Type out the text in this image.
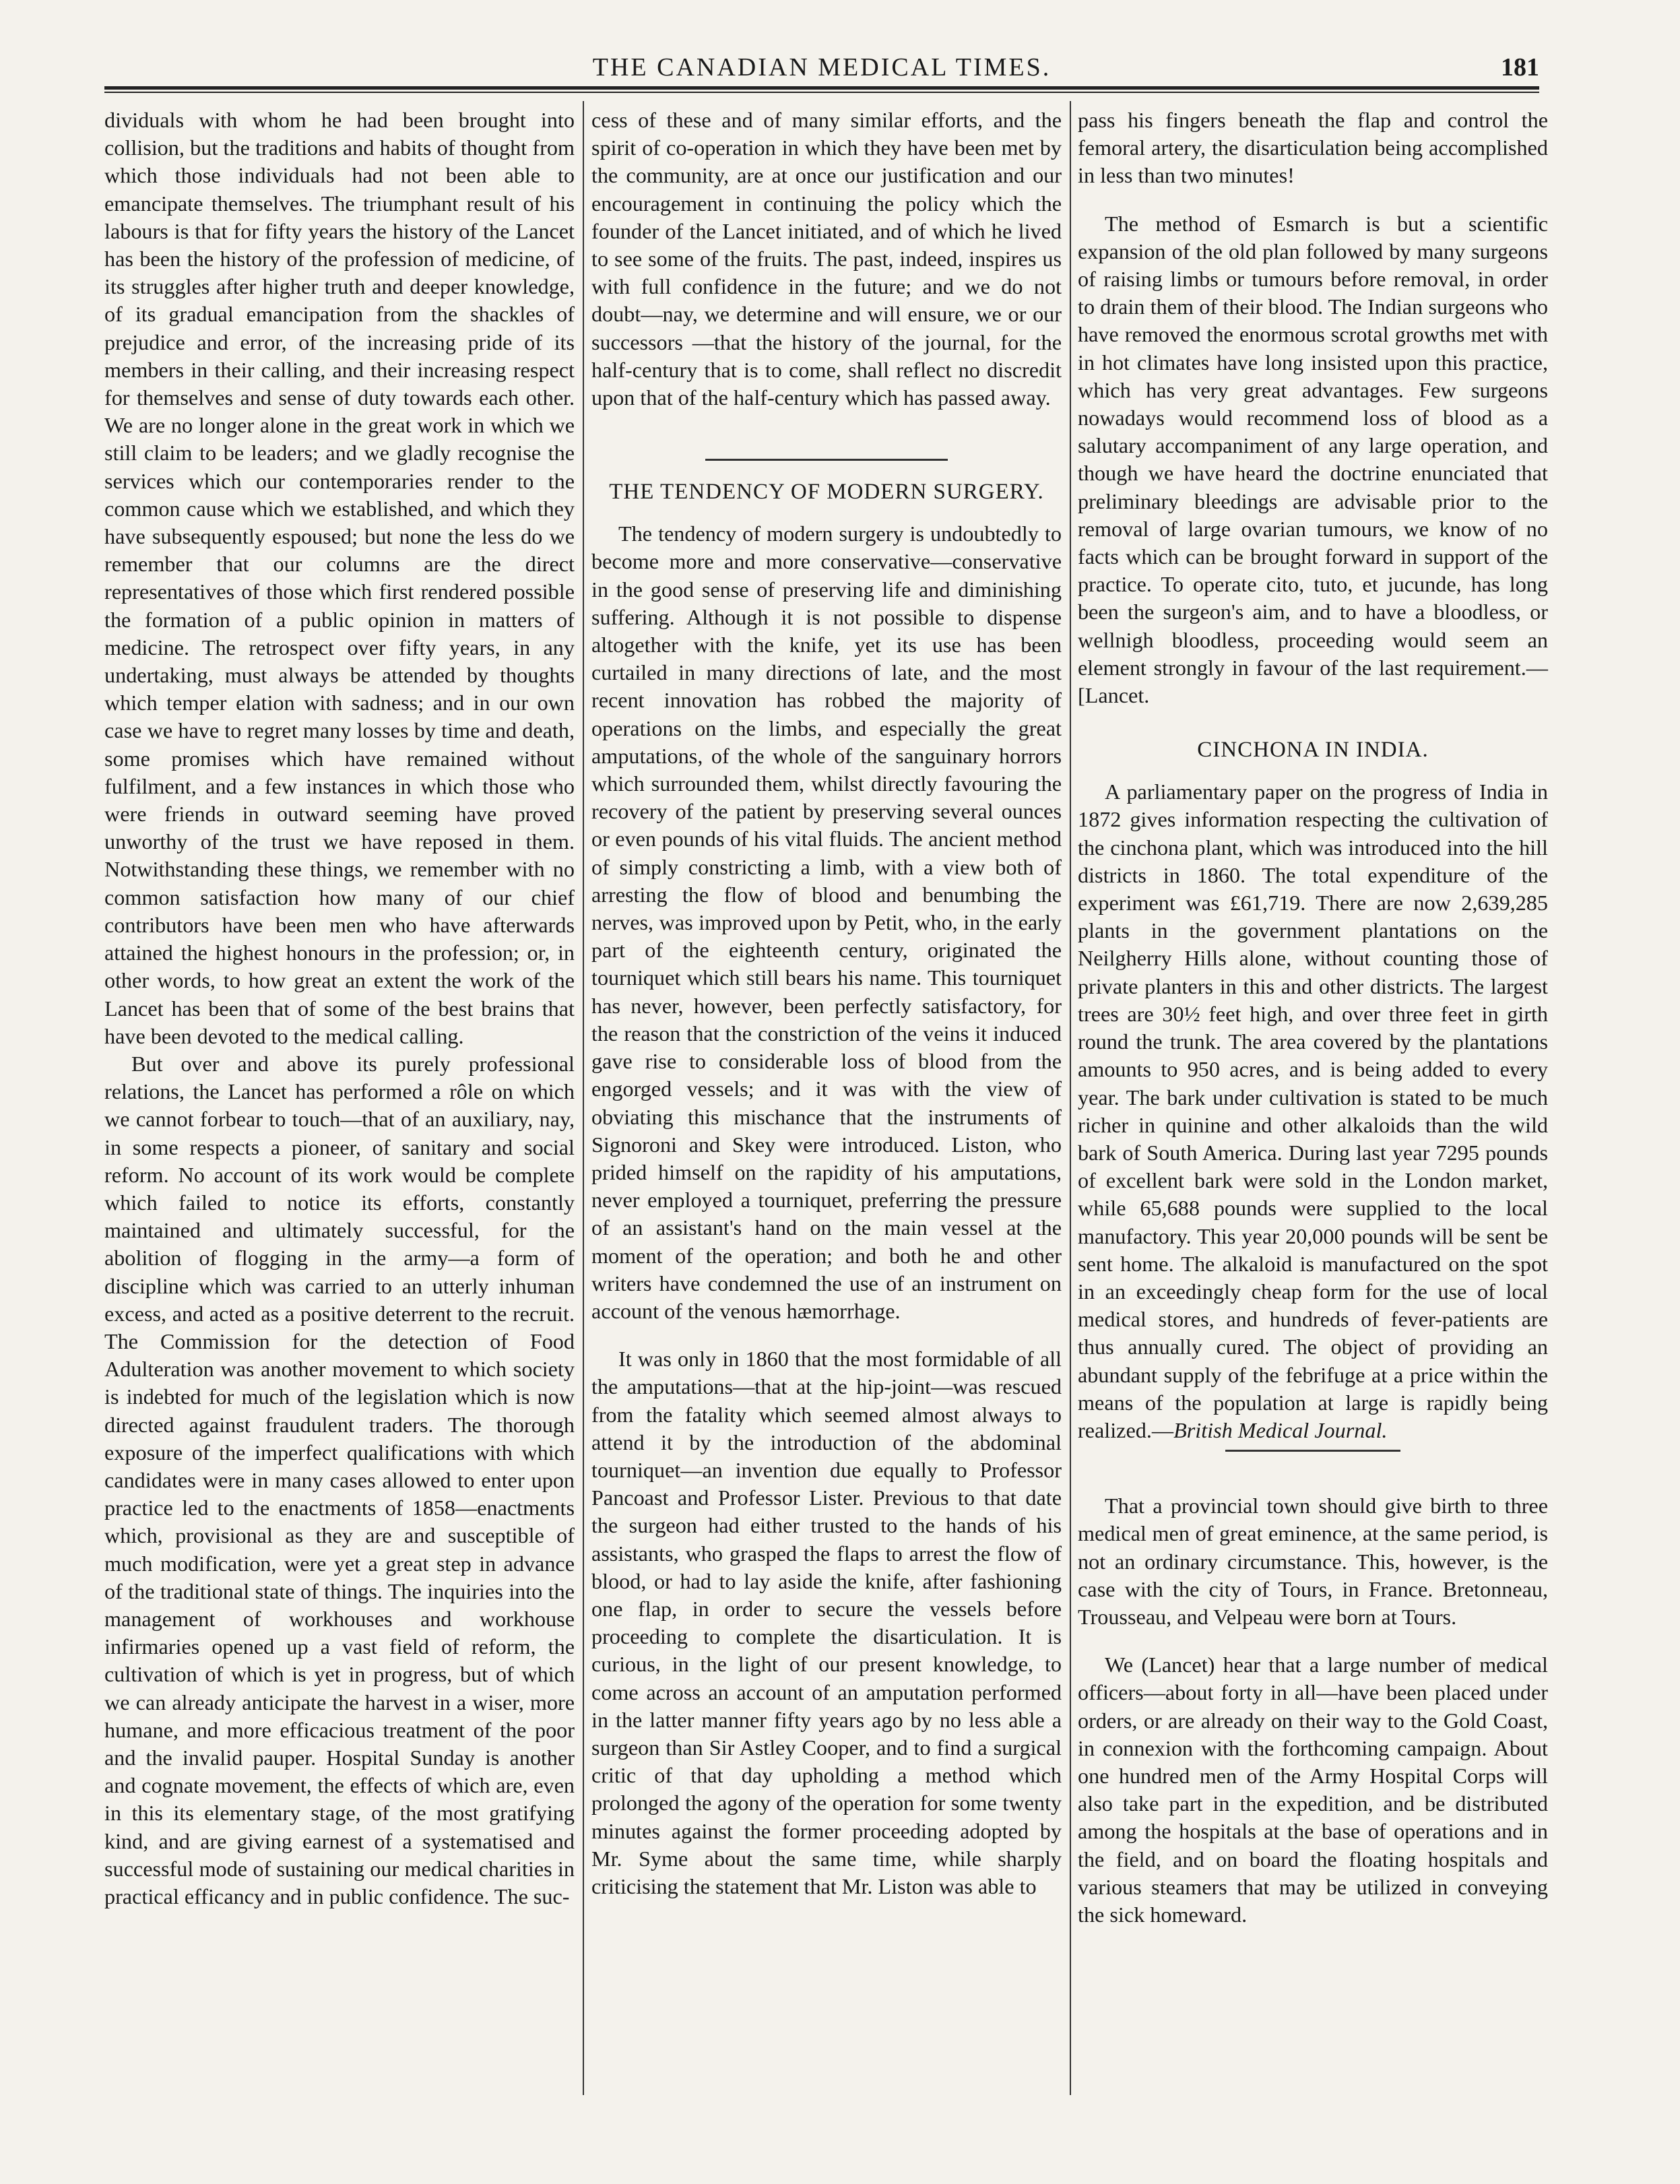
THE CANADIAN MEDICAL TIMES.	181

dividuals with whom he had been brought into collision, but the traditions and habits of thought from which those individuals had not been able to emancipate themselves. The triumphant result of his labours is that for fifty years the history of the Lancet has been the history of the profession of medicine, of its struggles after higher truth and deeper knowledge, of its gradual emancipation from the shackles of prejudice and error, of the increasing pride of its members in their calling, and their increasing respect for themselves and sense of duty towards each other. We are no longer alone in the great work in which we still claim to be leaders; and we gladly recognise the services which our contemporaries render to the common cause which we established, and which they have subsequently espoused; but none the less do we remember that our columns are the direct representatives of those which first rendered possible the formation of a public opinion in matters of medicine. The retrospect over fifty years, in any undertaking, must always be attended by thoughts which temper elation with sadness; and in our own case we have to regret many losses by time and death, some promises which have remained without fulfilment, and a few instances in which those who were friends in outward seeming have proved unworthy of the trust we have reposed in them. Notwithstanding these things, we remember with no common satisfaction how many of our chief contributors have been men who have afterwards attained the highest honours in the profession; or, in other words, to how great an extent the work of the Lancet has been that of some of the best brains that have been devoted to the medical calling.

But over and above its purely professional relations, the Lancet has performed a rôle on which we cannot forbear to touch—that of an auxiliary, nay, in some respects a pioneer, of sanitary and social reform. No account of its work would be complete which failed to notice its efforts, constantly maintained and ultimately successful, for the abolition of flogging in the army—a form of discipline which was carried to an utterly inhuman excess, and acted as a positive deterrent to the recruit. The Commission for the detection of Food Adulteration was another movement to which society is indebted for much of the legislation which is now directed against fraudulent traders. The thorough exposure of the imperfect qualifications with which candidates were in many cases allowed to enter upon practice led to the enactments of 1858—enactments which, provisional as they are and susceptible of much modification, were yet a great step in advance of the traditional state of things. The inquiries into the management of workhouses and workhouse infirmaries opened up a vast field of reform, the cultivation of which is yet in progress, but of which we can already anticipate the harvest in a wiser, more humane, and more efficacious treatment of the poor and the invalid pauper. Hospital Sunday is another and cognate movement, the effects of which are, even in this its elementary stage, of the most gratifying kind, and are giving earnest of a systematised and successful mode of sustaining our medical charities in practical efficancy and in public confidence. The suc-

cess of these and of many similar efforts, and the spirit of co-operation in which they have been met by the community, are at once our justification and our encouragement in continuing the policy which the founder of the Lancet initiated, and of which he lived to see some of the fruits. The past, indeed, inspires us with full confidence in the future; and we do not doubt—nay, we determine and will ensure, we or our successors —that the history of the journal, for the half-century that is to come, shall reflect no discredit upon that of the half-century which has passed away.

THE TENDENCY OF MODERN SURGERY.

The tendency of modern surgery is undoubtedly to become more and more conservative—conservative in the good sense of preserving life and diminishing suffering. Although it is not possible to dispense altogether with the knife, yet its use has been curtailed in many directions of late, and the most recent innovation has robbed the majority of operations on the limbs, and especially the great amputations, of the whole of the sanguinary horrors which surrounded them, whilst directly favouring the recovery of the patient by preserving several ounces or even pounds of his vital fluids. The ancient method of simply constricting a limb, with a view both of arresting the flow of blood and benumbing the nerves, was improved upon by Petit, who, in the early part of the eighteenth century, originated the tourniquet which still bears his name. This tourniquet has never, however, been perfectly satisfactory, for the reason that the constriction of the veins it induced gave rise to considerable loss of blood from the engorged vessels; and it was with the view of obviating this mischance that the instruments of Signoroni and Skey were introduced. Liston, who prided himself on the rapidity of his amputations, never employed a tourniquet, preferring the pressure of an assistant's hand on the main vessel at the moment of the operation; and both he and other writers have condemned the use of an instrument on account of the venous hæmorrhage.

It was only in 1860 that the most formidable of all the amputations—that at the hip-joint—was rescued from the fatality which seemed almost always to attend it by the introduction of the abdominal tourniquet—an invention due equally to Professor Pancoast and Professor Lister. Previous to that date the surgeon had either trusted to the hands of his assistants, who grasped the flaps to arrest the flow of blood, or had to lay aside the knife, after fashioning one flap, in order to secure the vessels before proceeding to complete the disarticulation. It is curious, in the light of our present knowledge, to come across an account of an amputation performed in the latter manner fifty years ago by no less able a surgeon than Sir Astley Cooper, and to find a surgical critic of that day upholding a method which prolonged the agony of the operation for some twenty minutes against the former proceeding adopted by Mr. Syme about the same time, while sharply criticising the statement that Mr. Liston was able to

pass his fingers beneath the flap and control the femoral artery, the disarticulation being accomplished in less than two minutes!

The method of Esmarch is but a scientific expansion of the old plan followed by many surgeons of raising limbs or tumours before removal, in order to drain them of their blood. The Indian surgeons who have removed the enormous scrotal growths met with in hot climates have long insisted upon this practice, which has very great advantages. Few surgeons nowadays would recommend loss of blood as a salutary accompaniment of any large operation, and though we have heard the doctrine enunciated that preliminary bleedings are advisable prior to the removal of large ovarian tumours, we know of no facts which can be brought forward in support of the practice. To operate cito, tuto, et jucunde, has long been the surgeon's aim, and to have a bloodless, or wellnigh bloodless, proceeding would seem an element strongly in favour of the last requirement.—[Lancet.

CINCHONA IN INDIA.

A parliamentary paper on the progress of India in 1872 gives information respecting the cultivation of the cinchona plant, which was introduced into the hill districts in 1860. The total expenditure of the experiment was £61,719. There are now 2,639,285 plants in the government plantations on the Neilgherry Hills alone, without counting those of private planters in this and other districts. The largest trees are 30½ feet high, and over three feet in girth round the trunk. The area covered by the plantations amounts to 950 acres, and is being added to every year. The bark under cultivation is stated to be much richer in quinine and other alkaloids than the wild bark of South America. During last year 7295 pounds of excellent bark were sold in the London market, while 65,688 pounds were supplied to the local manufactory. This year 20,000 pounds will be sent be sent home. The alkaloid is manufactured on the spot in an exceedingly cheap form for the use of local medical stores, and hundreds of fever-patients are thus annually cured. The object of providing an abundant supply of the febrifuge at a price within the means of the population at large is rapidly being realized.—British Medical Journal.

That a provincial town should give birth to three medical men of great eminence, at the same period, is not an ordinary circumstance. This, however, is the case with the city of Tours, in France. Bretonneau, Trousseau, and Velpeau were born at Tours.

We (Lancet) hear that a large number of medical officers—about forty in all—have been placed under orders, or are already on their way to the Gold Coast, in connexion with the forthcoming campaign. About one hundred men of the Army Hospital Corps will also take part in the expedition, and be distributed among the hospitals at the base of operations and in the field, and on board the floating hospitals and various steamers that may be utilized in conveying the sick homeward.
